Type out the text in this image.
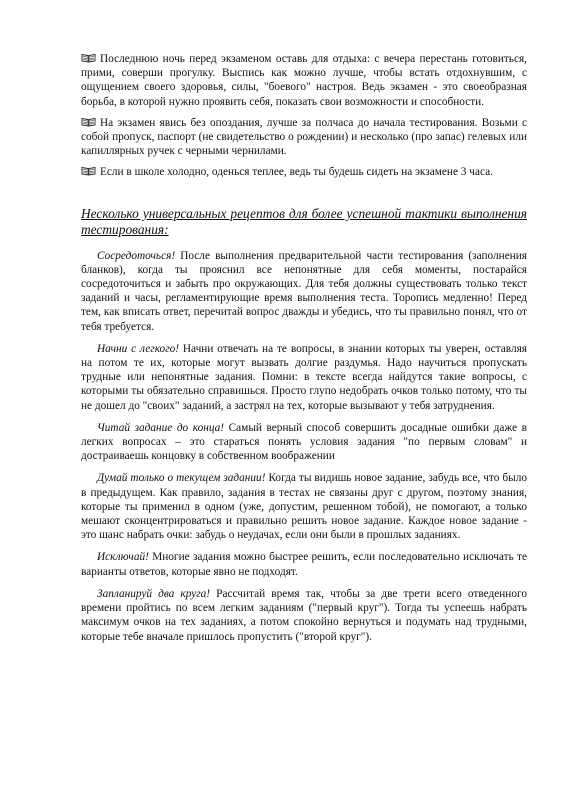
Последнюю ночь перед экзаменом оставь для отдыха: с вечера перестань готовиться, прими, соверши прогулку. Выспись как можно лучше, чтобы встать отдохнувшим, с ощущением своего здоровья, силы, "боевого" настроя. Ведь экзамен - это своеобразная борьба, в которой нужно проявить себя, показать свои возможности и способности.

На экзамен явись без опоздания, лучше за полчаса до начала тестирования. Возьми с собой пропуск, паспорт (не свидетельство о рождении) и несколько (про запас) гелевых или капиллярных ручек с черными чернилами.

Если в школе холодно, оденься теплее, ведь ты будешь сидеть на экзамене 3 часа.

Несколько универсальных рецептов для более успешной тактики выполнения тестирования:

Сосредоточься! После выполнения предварительной части тестирования (заполнения бланков), когда ты прояснил все непонятные для себя моменты, постарайся сосредоточиться и забыть про окружающих. Для тебя должны существовать только текст заданий и часы, регламентирующие время выполнения теста. Торопись медленно! Перед тем, как вписать ответ, перечитай вопрос дважды и убедись, что ты правильно понял, что от тебя требуется.

Начни с легкого! Начни отвечать на те вопросы, в знании которых ты уверен, оставляя на потом те их, которые могут вызвать долгие раздумья. Надо научиться пропускать трудные или непонятные задания. Помни: в тексте всегда найдутся такие вопросы, с которыми ты обязательно справишься. Просто глупо недобрать очков только потому, что ты не дошел до "своих" заданий, а застрял на тех, которые вызывают у тебя затруднения.

Читай задание до конца! Самый верный способ совершить досадные ошибки даже в легких вопросах – это стараться понять условия задания "по первым словам" и достраиваешь концовку в собственном воображении

Думай только о текущем задании! Когда ты видишь новое задание, забудь все, что было в предыдущем. Как правило, задания в тестах не связаны друг с другом, поэтому знания, которые ты применил в одном (уже, допустим, решенном тобой), не помогают, а только мешают сконцентрироваться и правильно решить новое задание. Каждое новое задание - это шанс набрать очки: забудь о неудачах, если они были в прошлых заданиях.

Исключай! Многие задания можно быстрее решить, если последовательно исключать те варианты ответов, которые явно не подходят.

Запланируй два круга! Рассчитай время так, чтобы за две трети всего отведенного времени пройтись по всем легким заданиям ("первый круг"). Тогда ты успеешь набрать максимум очков на тех заданиях, а потом спокойно вернуться и подумать над трудными, которые тебе вначале пришлось пропустить ("второй круг").
